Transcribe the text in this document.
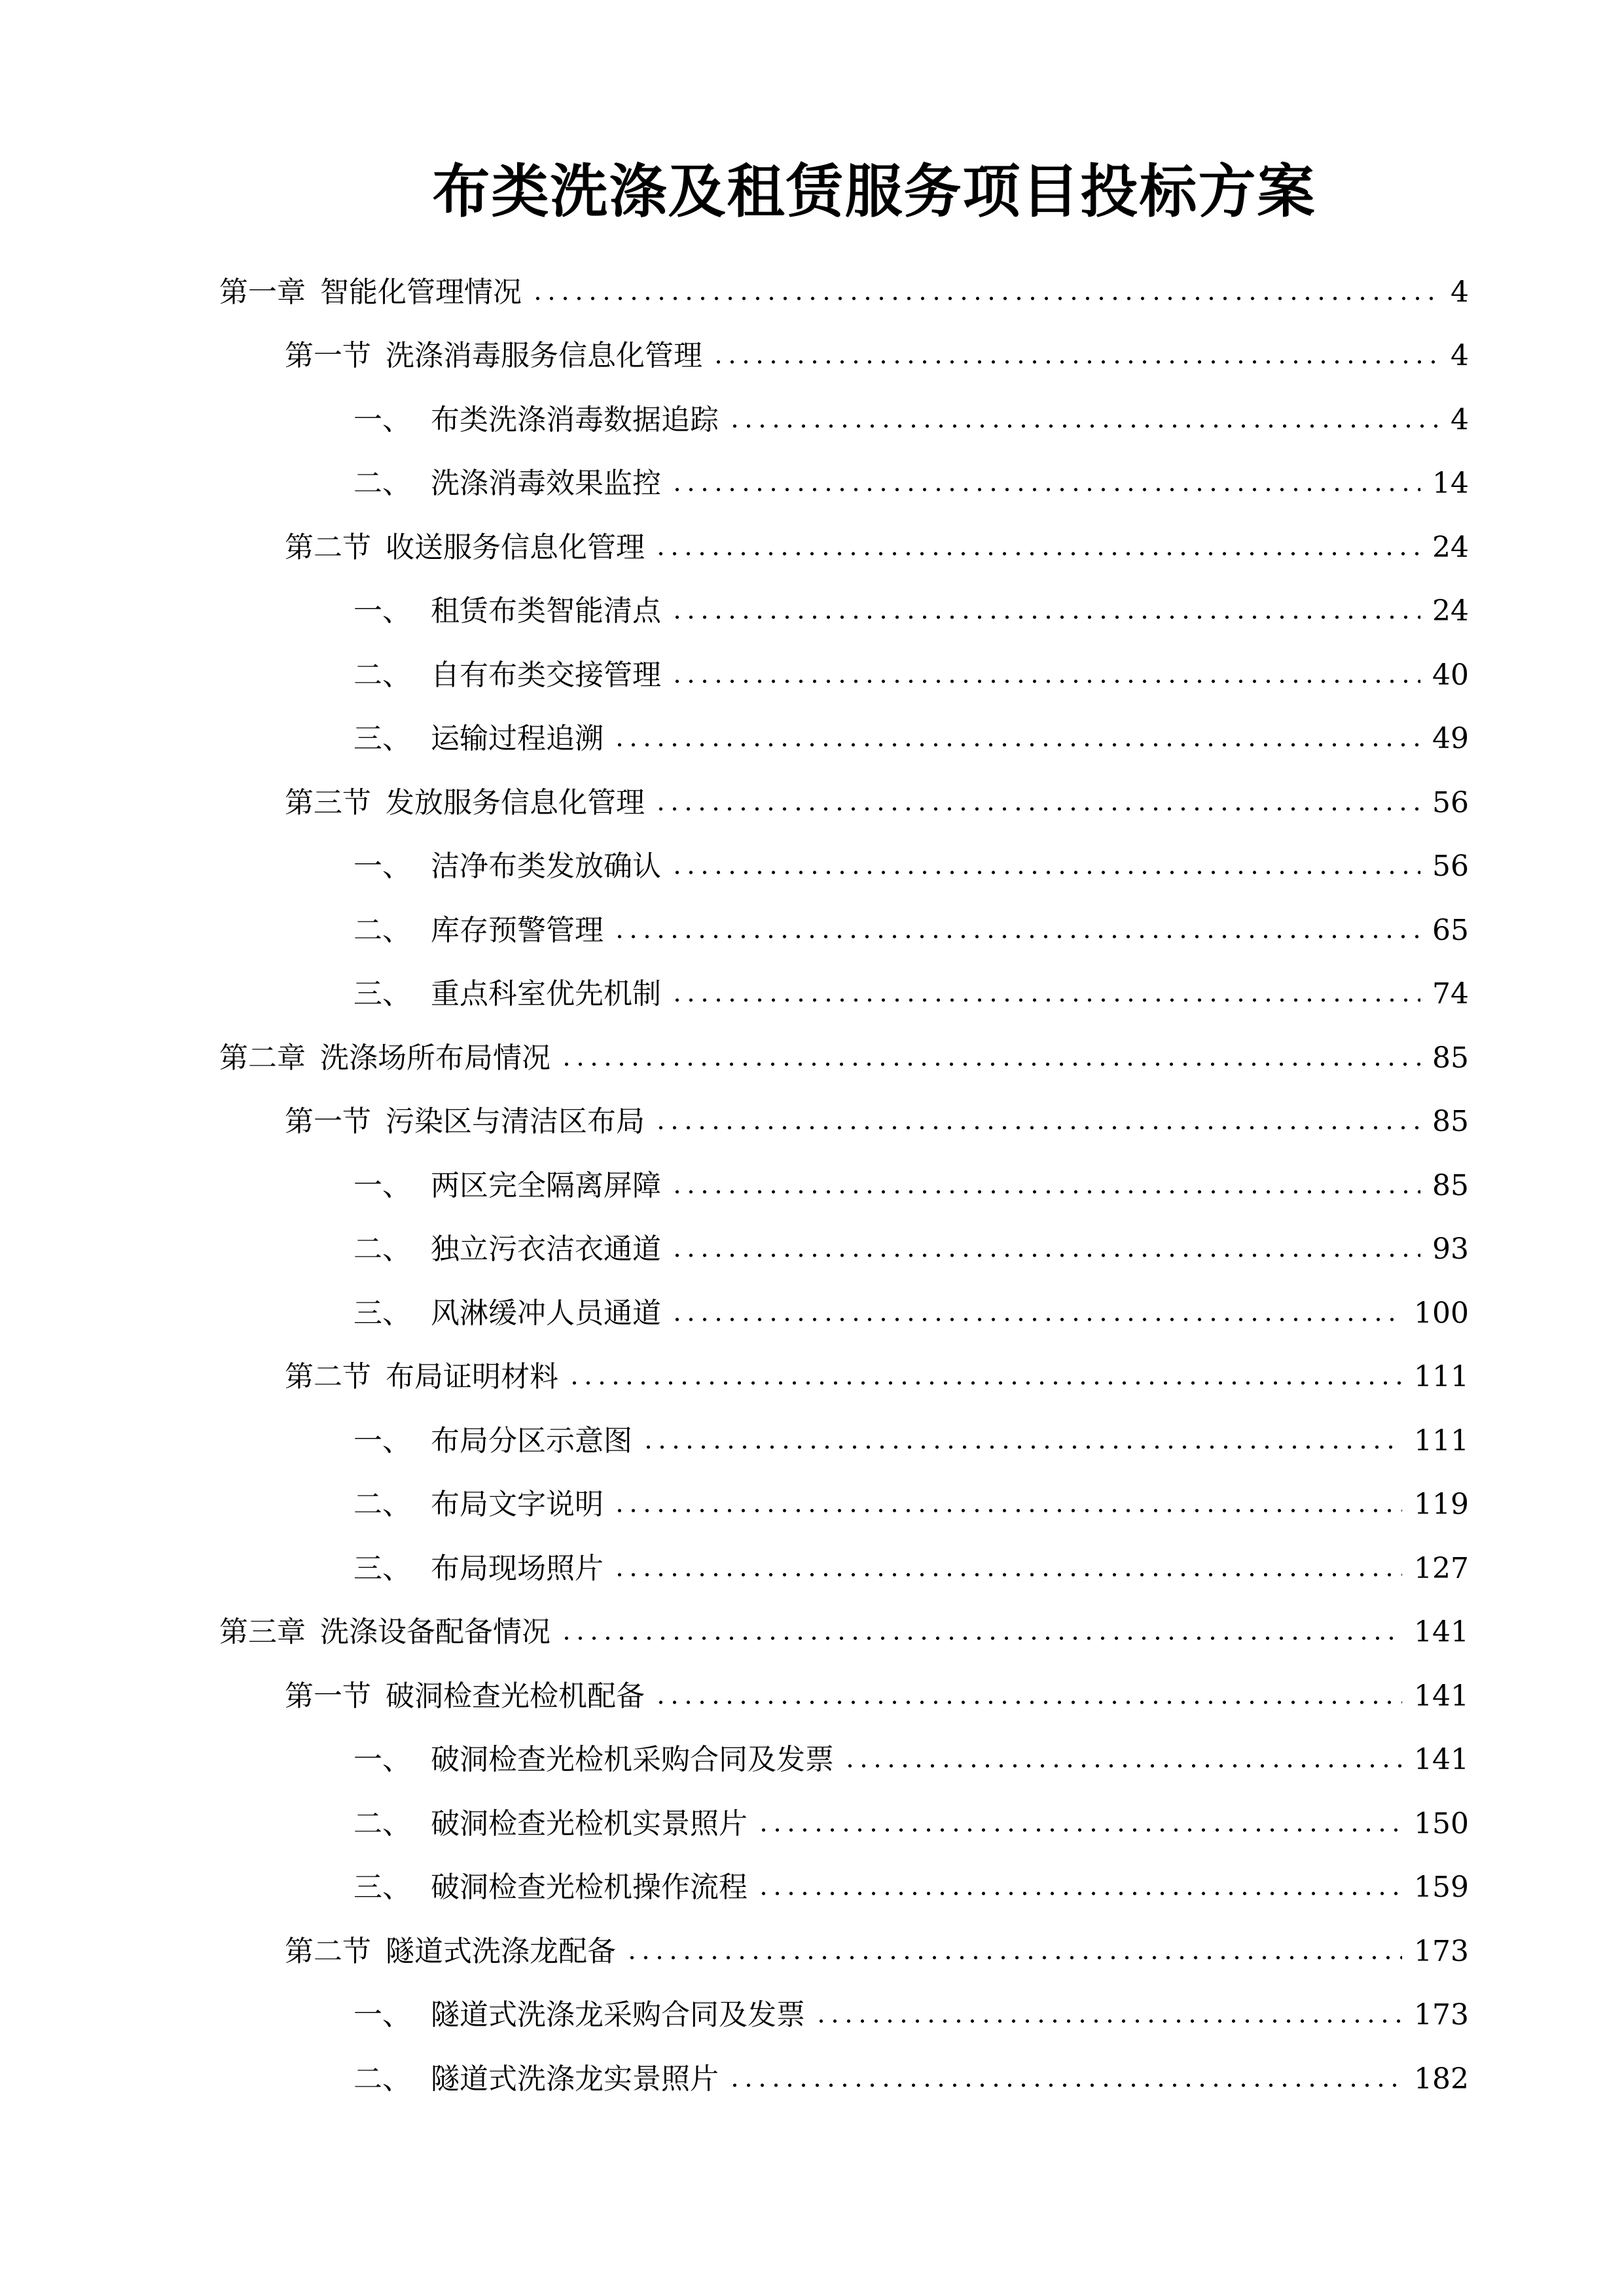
布类洗涤及租赁服务项目投标方案
第一章 智能化管理情况	4
第一节 洗涤消毒服务信息化管理	4
一、 布类洗涤消毒数据追踪	4
二、 洗涤消毒效果监控	14
第二节 收送服务信息化管理	24
一、 租赁布类智能清点	24
二、 自有布类交接管理	40
三、 运输过程追溯	49
第三节 发放服务信息化管理	56
一、 洁净布类发放确认	56
二、 库存预警管理	65
三、 重点科室优先机制	74
第二章 洗涤场所布局情况	85
第一节 污染区与清洁区布局	85
一、 两区完全隔离屏障	85
二、 独立污衣洁衣通道	93
三、 风淋缓冲人员通道	100
第二节 布局证明材料	111
一、 布局分区示意图	111
二、 布局文字说明	119
三、 布局现场照片	127
第三章 洗涤设备配备情况	141
第一节 破洞检查光检机配备	141
一、 破洞检查光检机采购合同及发票	141
二、 破洞检查光检机实景照片	150
三、 破洞检查光检机操作流程	159
第二节 隧道式洗涤龙配备	173
一、 隧道式洗涤龙采购合同及发票	173
二、 隧道式洗涤龙实景照片	182
